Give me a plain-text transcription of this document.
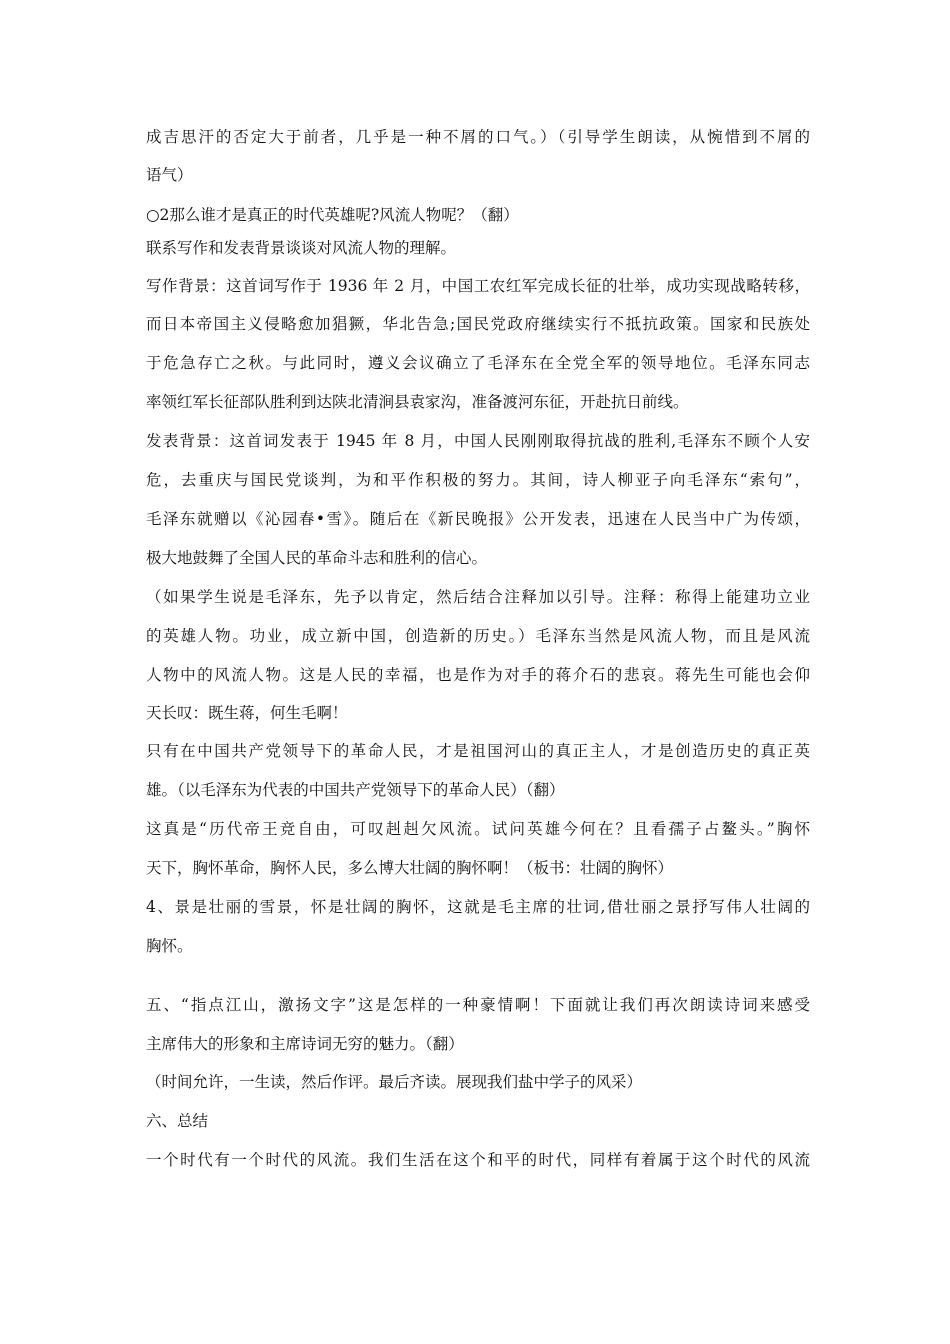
成吉思汗的否定大于前者，几乎是一种不屑的口气。）（引导学生朗读，从惋惜到不屑的

语气）

○2那么谁才是真正的时代英雄呢?风流人物呢？（翻）

联系写作和发表背景谈谈对风流人物的理解。

写作背景：这首词写作于 1936 年 2 月，中国工农红军完成长征的壮举，成功实现战略转移，

而日本帝国主义侵略愈加猖獗，华北告急;国民党政府继续实行不抵抗政策。国家和民族处

于危急存亡之秋。与此同时，遵义会议确立了毛泽东在全党全军的领导地位。毛泽东同志

率领红军长征部队胜利到达陕北清涧县袁家沟，准备渡河东征，开赴抗日前线。

发表背景：这首词发表于 1945 年 8 月，中国人民刚刚取得抗战的胜利,毛泽东不顾个人安

危，去重庆与国民党谈判，为和平作积极的努力。其间，诗人柳亚子向毛泽东“索句”，

毛泽东就赠以《沁园春•雪》。随后在《新民晚报》公开发表，迅速在人民当中广为传颂，

极大地鼓舞了全国人民的革命斗志和胜利的信心。

（如果学生说是毛泽东，先予以肯定，然后结合注释加以引导。注释：称得上能建功立业

的英雄人物。功业，成立新中国，创造新的历史。）毛泽东当然是风流人物，而且是风流

人物中的风流人物。这是人民的幸福，也是作为对手的蒋介石的悲哀。蒋先生可能也会仰

天长叹：既生蒋，何生毛啊！

只有在中国共产党领导下的革命人民，才是祖国河山的真正主人，才是创造历史的真正英

雄。（以毛泽东为代表的中国共产党领导下的革命人民）（翻）

这真是“历代帝王竞自由，可叹赳赳欠风流。试问英雄今何在？且看孺子占鳌头。”胸怀

天下，胸怀革命，胸怀人民，多么博大壮阔的胸怀啊！（板书：壮阔的胸怀）

4、景是壮丽的雪景，怀是壮阔的胸怀，这就是毛主席的壮词,借壮丽之景抒写伟人壮阔的

胸怀。

五、“指点江山，激扬文字”这是怎样的一种豪情啊！下面就让我们再次朗读诗词来感受

主席伟大的形象和主席诗词无穷的魅力。（翻）

（时间允许，一生读，然后作评。最后齐读。展现我们盐中学子的风采）

六、总结

一个时代有一个时代的风流。我们生活在这个和平的时代，同样有着属于这个时代的风流
